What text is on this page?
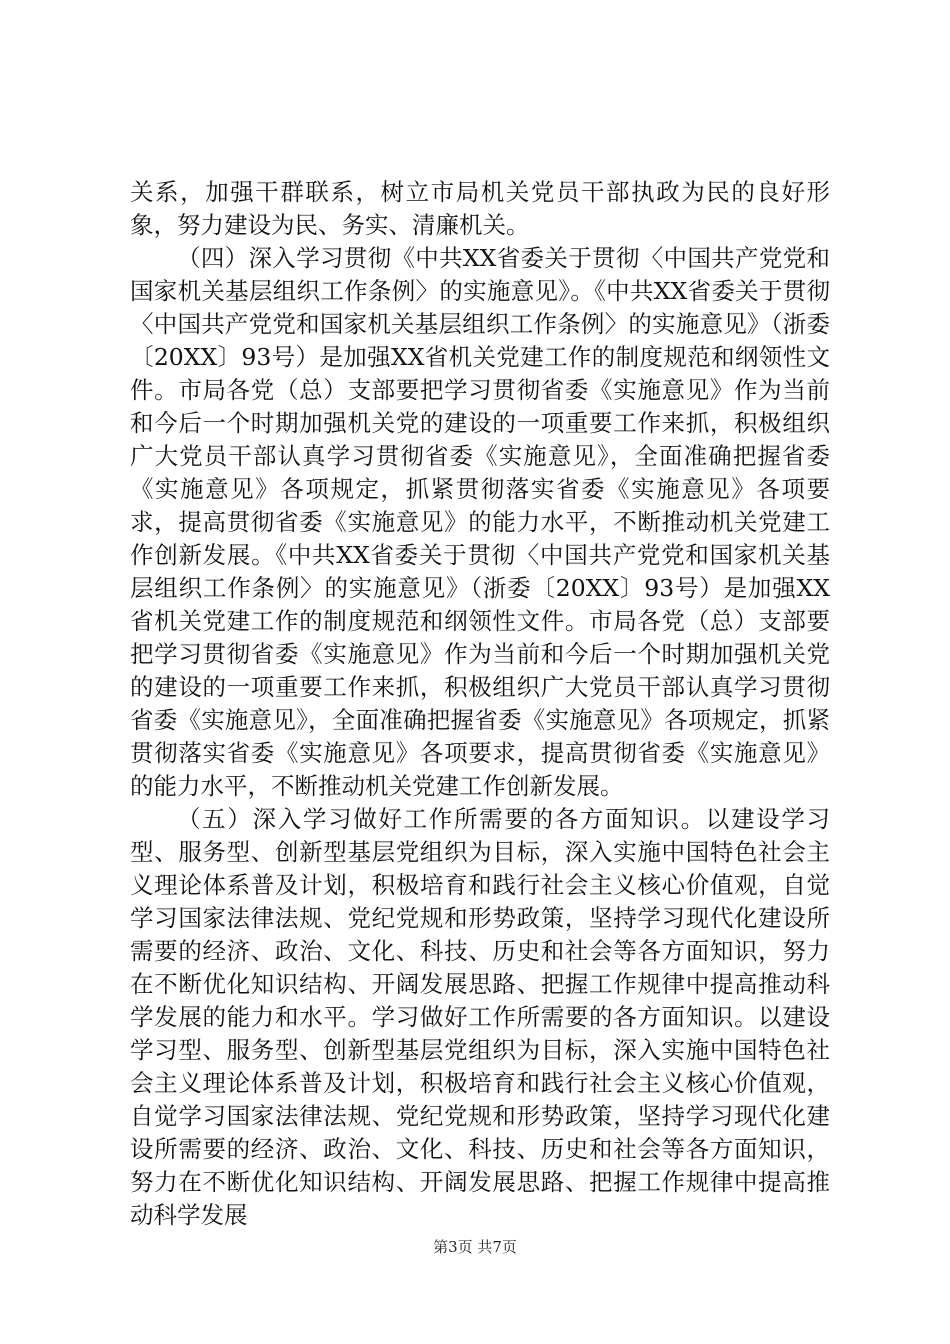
关系，加强干群联系，树立市局机关党员干部执政为民的良好形象，努力建设为民、务实、清廉机关。

（四）深入学习贯彻《中共XX省委关于贯彻〈中国共产党党和国家机关基层组织工作条例〉的实施意见》。《中共XX省委关于贯彻〈中国共产党党和国家机关基层组织工作条例〉的实施意见》（浙委〔20XX〕93号）是加强XX省机关党建工作的制度规范和纲领性文件。市局各党（总）支部要把学习贯彻省委《实施意见》作为当前和今后一个时期加强机关党的建设的一项重要工作来抓，积极组织广大党员干部认真学习贯彻省委《实施意见》，全面准确把握省委《实施意见》各项规定，抓紧贯彻落实省委《实施意见》各项要求，提高贯彻省委《实施意见》的能力水平，不断推动机关党建工作创新发展。《中共XX省委关于贯彻〈中国共产党党和国家机关基层组织工作条例〉的实施意见》（浙委〔20XX〕93号）是加强XX省机关党建工作的制度规范和纲领性文件。市局各党（总）支部要把学习贯彻省委《实施意见》作为当前和今后一个时期加强机关党的建设的一项重要工作来抓，积极组织广大党员干部认真学习贯彻省委《实施意见》，全面准确把握省委《实施意见》各项规定，抓紧贯彻落实省委《实施意见》各项要求，提高贯彻省委《实施意见》的能力水平，不断推动机关党建工作创新发展。

（五）深入学习做好工作所需要的各方面知识。以建设学习型、服务型、创新型基层党组织为目标，深入实施中国特色社会主义理论体系普及计划，积极培育和践行社会主义核心价值观，自觉学习国家法律法规、党纪党规和形势政策，坚持学习现代化建设所需要的经济、政治、文化、科技、历史和社会等各方面知识，努力在不断优化知识结构、开阔发展思路、把握工作规律中提高推动科学发展的能力和水平。学习做好工作所需要的各方面知识。以建设学习型、服务型、创新型基层党组织为目标，深入实施中国特色社会主义理论体系普及计划，积极培育和践行社会主义核心价值观，自觉学习国家法律法规、党纪党规和形势政策，坚持学习现代化建设所需要的经济、政治、文化、科技、历史和社会等各方面知识，努力在不断优化知识结构、开阔发展思路、把握工作规律中提高推动科学发展

第3页 共7页
